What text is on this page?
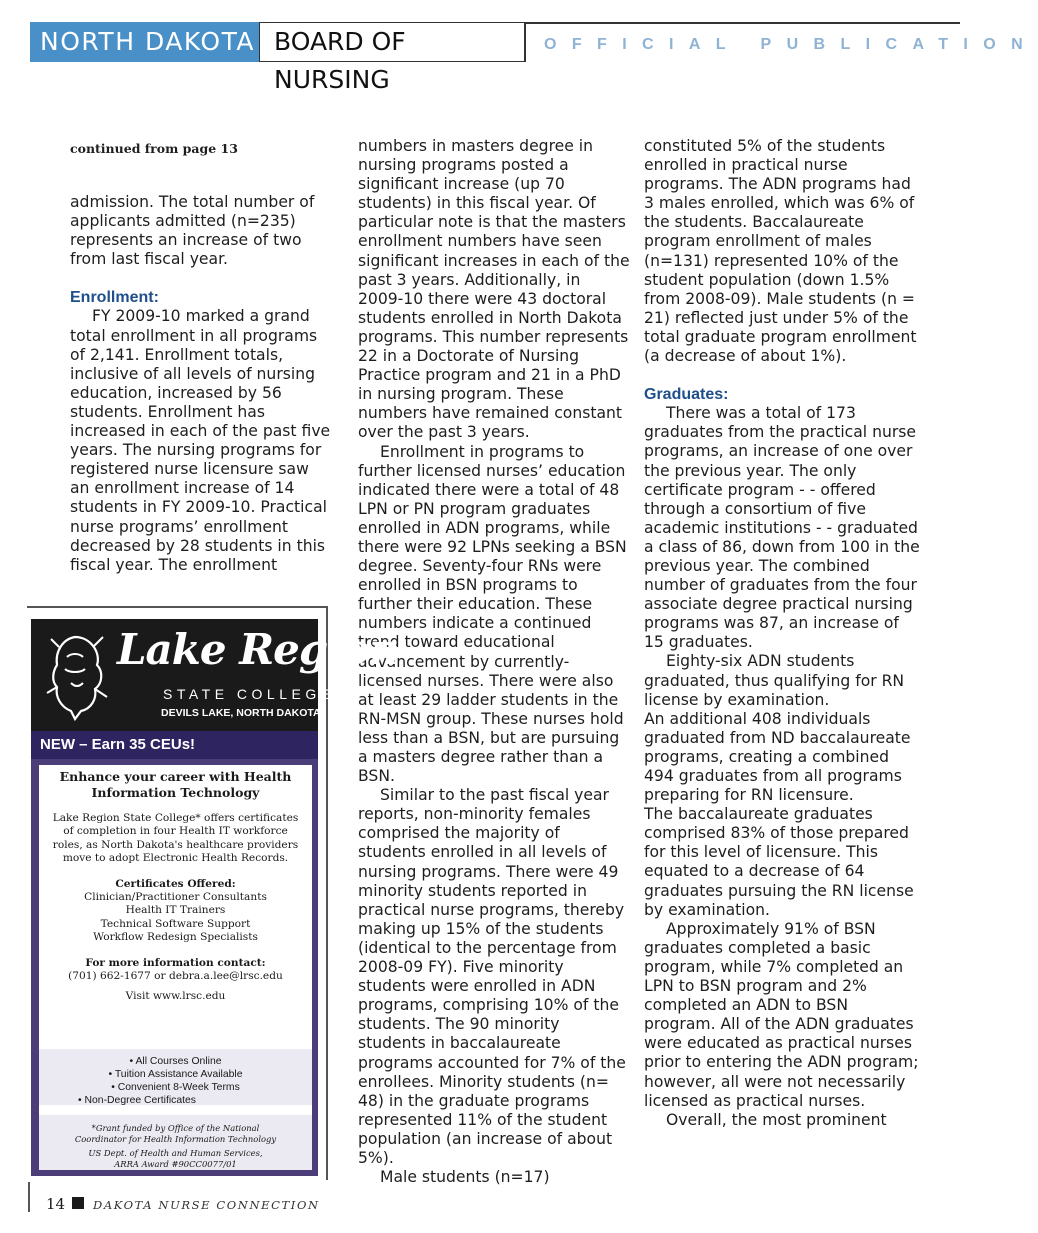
NORTH DAKOTA BOARD OF NURSING
OFFICIAL PUBLICATION

continued from page 13

admission. The total number of applicants admitted (n=235) represents an increase of two from last fiscal year.

Enrollment:

FY 2009-10 marked a grand total enrollment in all programs of 2,141. Enrollment totals, inclusive of all levels of nursing education, increased by 56 students. Enrollment has increased in each of the past five years. The nursing programs for registered nurse licensure saw an enrollment increase of 14 students in FY 2009-10. Practical nurse programs’ enrollment decreased by 28 students in this fiscal year. The enrollment

numbers in masters degree in nursing programs posted a significant increase (up 70 students) in this fiscal year. Of particular note is that the masters enrollment numbers have seen significant increases in each of the past 3 years. Additionally, in 2009-10 there were 43 doctoral students enrolled in North Dakota programs. This number represents 22 in a Doctorate of Nursing Practice program and 21 in a PhD in nursing program. These numbers have remained constant over the past 3 years.

Enrollment in programs to further licensed nurses’ education indicated there were a total of 48 LPN or PN program graduates enrolled in ADN programs, while there were 92 LPNs seeking a BSN degree. Seventy-four RNs were enrolled in BSN programs to further their education. These numbers indicate a continued trend toward educational advancement by currently-licensed nurses. There were also at least 29 ladder students in the RN-MSN group. These nurses hold less than a BSN, but are pursuing a masters degree rather than a BSN.

Similar to the past fiscal year reports, non-minority females comprised the majority of students enrolled in all levels of nursing programs. There were 49 minority students reported in practical nurse programs, thereby making up 15% of the students (identical to the percentage from 2008-09 FY). Five minority students were enrolled in ADN programs, comprising 10% of the students. The 90 minority students in baccalaureate programs accounted for 7% of the enrollees. Minority students (n= 48) in the graduate programs represented 11% of the student population (an increase of about 5%).

Male students (n=17)

constituted 5% of the students enrolled in practical nurse programs. The ADN programs had 3 males enrolled, which was 6% of the students. Baccalaureate program enrollment of males (n=131) represented 10% of the student population (down 1.5% from 2008-09). Male students (n = 21) reflected just under 5% of the total graduate program enrollment (a decrease of about 1%).

Graduates:

There was a total of 173 graduates from the practical nurse programs, an increase of one over the previous year. The only certificate program - - offered through a consortium of five academic institutions - - graduated a class of 86, down from 100 in the previous year. The combined number of graduates from the four associate degree practical nursing programs was 87, an increase of 15 graduates.

Eighty-six ADN students graduated, thus qualifying for RN license by examination.

An additional 408 individuals graduated from ND baccalaureate programs, creating a combined 494 graduates from all programs preparing for RN licensure.

The baccalaureate graduates comprised 83% of those prepared for this level of licensure. This equated to a decrease of 64 graduates pursuing the RN license by examination.

Approximately 91% of BSN graduates completed a basic program, while 7% completed an LPN to BSN program and 2% completed an ADN to BSN program. All of the ADN graduates were educated as practical nurses prior to entering the ADN program; however, all were not necessarily licensed as practical nurses.

Overall, the most prominent

Lake Region
STATE COLLEGE
DEVILS LAKE, NORTH DAKOTA
NEW – Earn 35 CEUs!

Enhance your career with Health

Information Technology

Lake Region State College* offers certificates of completion in four Health IT workforce roles, as North Dakota's healthcare providers move to adopt Electronic Health Records.

Certificates Offered:

Clinician/Practitioner Consultants

Health IT Trainers

Technical Software Support

Workflow Redesign Specialists

For more information contact:

(701) 662-1677 or debra.a.lee@lrsc.edu

Visit www.lrsc.edu

• All Courses Online
• Tuition Assistance Available
• Convenient 8-Week Terms
• Non-Degree Certificates

*Grant funded by Office of the National Coordinator for Health Information Technology

US Dept. of Health and Human Services, ARRA Award #90CC0077/01

14 DAKOTA NURSE CONNECTION
